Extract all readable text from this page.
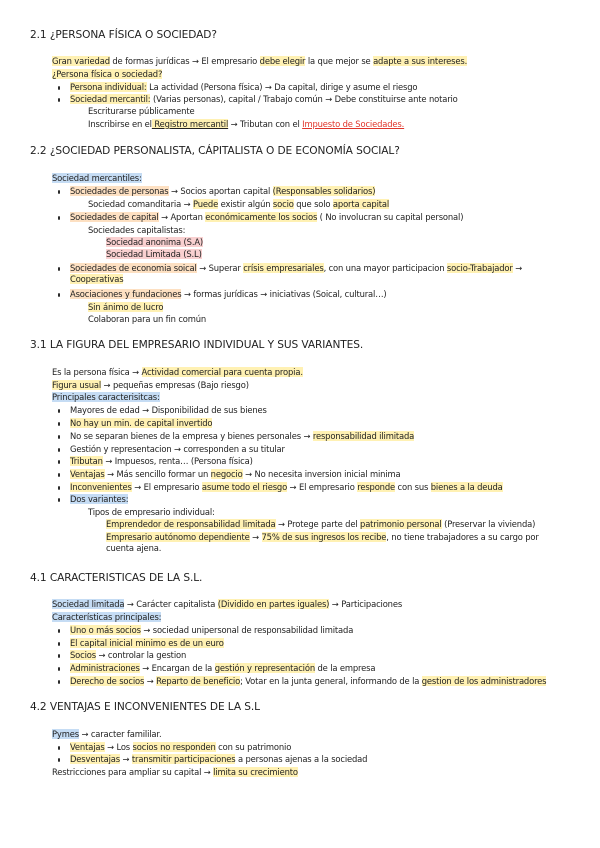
2.1 ¿PERSONA FÍSICA O SOCIEDAD?
Gran variedad de formas jurídicas → El empresario debe elegir la que mejor se adapte a sus intereses.
¿Persona física o sociedad?
Persona individual: La actividad (Persona física) → Da capital, dirige y asume el riesgo
Sociedad mercantil: (Varias personas), capital / Trabajo común → Debe constituirse ante notario
Escriturarse públicamente
Inscribirse en el Registro mercantil → Tributan con el Impuesto de Sociedades.
2.2 ¿SOCIEDAD PERSONALISTA, CÁPITALISTA O DE ECONOMÍA SOCIAL?
Sociedad mercantiles:
Sociedades de personas → Socios aportan capital (Responsables solidarios)
Sociedad comanditaria → Puede existir algún socio que solo aporta capital
Sociedades de capital → Aportan económicamente los socios ( No involucran su capital personal)
Sociedades capitalistas:
Sociedad anonima (S.A)
Sociedad Limitada (S.L)
Sociedades de economia soical → Superar crísis empresariales, con una mayor participacion socio-Trabajador → Cooperativas
Asociaciones y fundaciones → formas jurídicas → iniciativas (Soical, cultural…)
Sin ánimo de lucro
Colaboran para un fin común
3.1 LA FIGURA DEL EMPRESARIO INDIVIDUAL Y SUS VARIANTES.
Es la persona física → Actividad comercial para cuenta propia.
Figura usual → pequeñas empresas (Bajo riesgo)
Principales caracterisitcas:
Mayores de edad → Disponibilidad de sus bienes
No hay un min. de capital invertido
No se separan bienes de la empresa y bienes personales → responsabilidad ilimitada
Gestión y representacion → corresponden a su titular
Tributan → Impuesos, renta… (Persona física)
Ventajas → Más sencillo formar un negocio → No necesita inversion inicial minima
Inconvenientes → El empresario asume todo el riesgo → El empresario responde con sus bienes a la deuda
Dos variantes:
Tipos de empresario individual:
Emprendedor de responsabilidad limitada → Protege parte del patrimonio personal (Preservar la vivienda)
Empresario autónomo dependiente → 75% de sus ingresos los recibe, no tiene trabajadores a su cargo por cuenta ajena.
4.1 CARACTERISTICAS DE LA S.L.
Sociedad limitada → Carácter capitalista (Dividido en partes iguales) → Participaciones
Características principales:
Uno o más socios → sociedad unipersonal de responsabilidad limitada
El capital inicial minimo es de un euro
Socios → controlar la gestion
Administraciones → Encargan de la gestión y representación de la empresa
Derecho de socios → Reparto de beneficio; Votar en la junta general, informando de la gestion de los administradores
4.2 VENTAJAS E INCONVENIENTES DE LA S.L
Pymes → caracter famililar.
Ventajas → Los socios no responden con su patrimonio
Desventajas → transmitir participaciones a personas ajenas a la sociedad
Restricciones para ampliar su capital → limita su crecimiento
